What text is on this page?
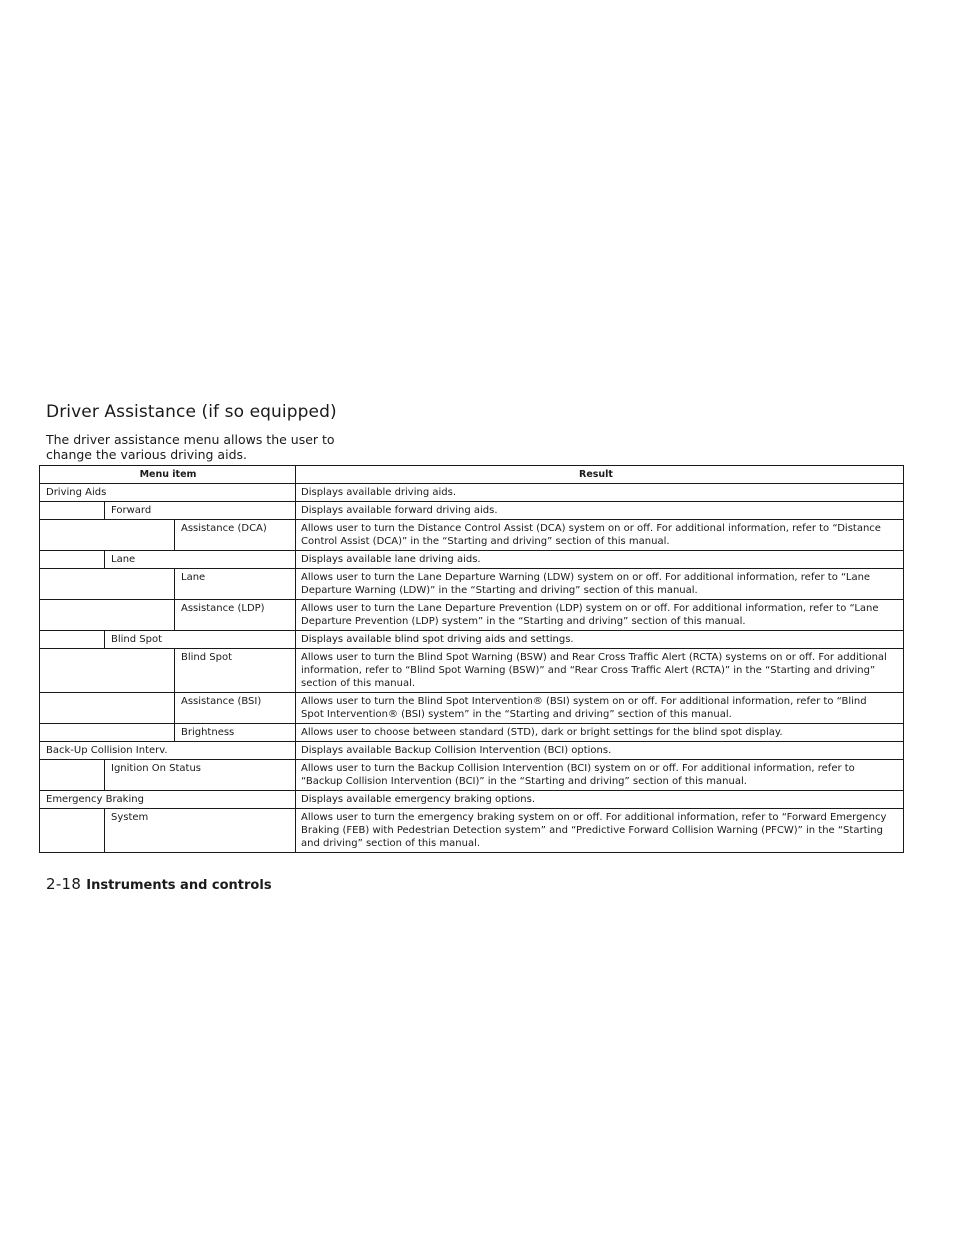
Driver Assistance (if so equipped)
The driver assistance menu allows the user to
change the various driving aids.
Menu item	Result
Driving Aids	Displays available driving aids.
Forward	Displays available forward driving aids.
Assistance (DCA)	Allows user to turn the Distance Control Assist (DCA) system on or off. For additional information, refer to “Distance Control Assist (DCA)” in the “Starting and driving” section of this manual.
Lane	Displays available lane driving aids.
Lane	Allows user to turn the Lane Departure Warning (LDW) system on or off. For additional information, refer to “Lane Departure Warning (LDW)” in the “Starting and driving” section of this manual.
Assistance (LDP)	Allows user to turn the Lane Departure Prevention (LDP) system on or off. For additional information, refer to “Lane Departure Prevention (LDP) system” in the “Starting and driving” section of this manual.
Blind Spot	Displays available blind spot driving aids and settings.
Blind Spot	Allows user to turn the Blind Spot Warning (BSW) and Rear Cross Traffic Alert (RCTA) systems on or off. For additional information, refer to “Blind Spot Warning (BSW)” and “Rear Cross Traffic Alert (RCTA)” in the “Starting and driving” section of this manual.
Assistance (BSI)	Allows user to turn the Blind Spot Intervention® (BSI) system on or off. For additional information, refer to “Blind Spot Intervention® (BSI) system” in the “Starting and driving” section of this manual.
Brightness	Allows user to choose between standard (STD), dark or bright settings for the blind spot display.
Back-Up Collision Interv.	Displays available Backup Collision Intervention (BCI) options.
Ignition On Status	Allows user to turn the Backup Collision Intervention (BCI) system on or off. For additional information, refer to “Backup Collision Intervention (BCI)” in the “Starting and driving” section of this manual.
Emergency Braking	Displays available emergency braking options.
System	Allows user to turn the emergency braking system on or off. For additional information, refer to “Forward Emergency Braking (FEB) with Pedestrian Detection system” and “Predictive Forward Collision Warning (PFCW)” in the “Starting and driving” section of this manual.
2-18 Instruments and controls
